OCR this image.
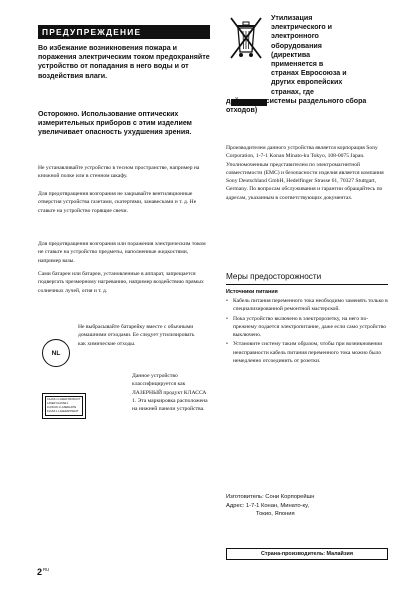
ПРЕДУПРЕЖДЕНИЕ
Во избежание возникновения пожара и поражения электрическим током предохраняйте устройство от попадания в него воды и от воздействия влаги.
Осторожно. Использование оптических измерительных приборов с этим изделием увеличивает опасность ухудшения зрения.
Не устанавливайте устройство в тесном пространстве, например на книжной полке или в стенном шкафу.
Для предотвращения возгорания не закрывайте вентиляционные отверстия устройства газетами, скатертями, занавесками и т. д. Не ставьте на устройство горящие свечи.
Для предотвращения возгорания или поражения электрическим током не ставьте на устройство предметы, наполненные жидкостями, например вазы.
Сами батареи или батареи, установленные в аппарат, запрещается подвергать чрезмерному нагреванию, например воздействию прямых солнечных лучей, огня и т. д.
NL
Не выбрасывайте батарейку вместе с обычными домашними отходами. Ее следует утилизировать как химические отходы.
CLASS 1 LASER PRODUCT
LASER KLASSE 1
LUOKAN 1 LASERLAITE
KLASS 1 LASERAPPARAT
Данное устройство классифицируется как ЛАЗЕРНЫЙ продукт КЛАССА 1. Эта маркировка расположена на нижней панели устройства.
Утилизация
электрического и
электронного
оборудования
(директива
применяется в
странах Евросоюза и
других европейских
странах, где
действуют системы раздельного сбора отходов)
Производителем данного устройства является корпорация Sony Corporation, 1-7-1 Konan Minato-ku Tokyo, 108-0075 Japan. Уполномоченным представителем по электромагнитной совместимости (EMC) и безопасности изделия является компания Sony Deutschland GmbH, Hedelfinger Strasse 61, 70327 Stuttgart, Germany. По вопросам обслуживания и гарантии обращайтесь по адресам, указанным в соответствующих документах.
Меры предосторожности
Источники питания
• Кабель питания переменного тока необходимо заменять только в специализированной ремонтной мастерской.
• Пока устройство включено в электророзетку, на него по-прежнему подается электропитание, даже если само устройство выключено.
• Установите систему таким образом, чтобы при возникновении неисправности кабель питания переменного тока можно было немедленно отсоединить от розетки.
Изготовитель: Сони Корпорейшн
Адрес: 1-7-1 Конан, Минато-ку,
Токио, Япония
Страна-производитель: Малайзия
$2^{RU}$
